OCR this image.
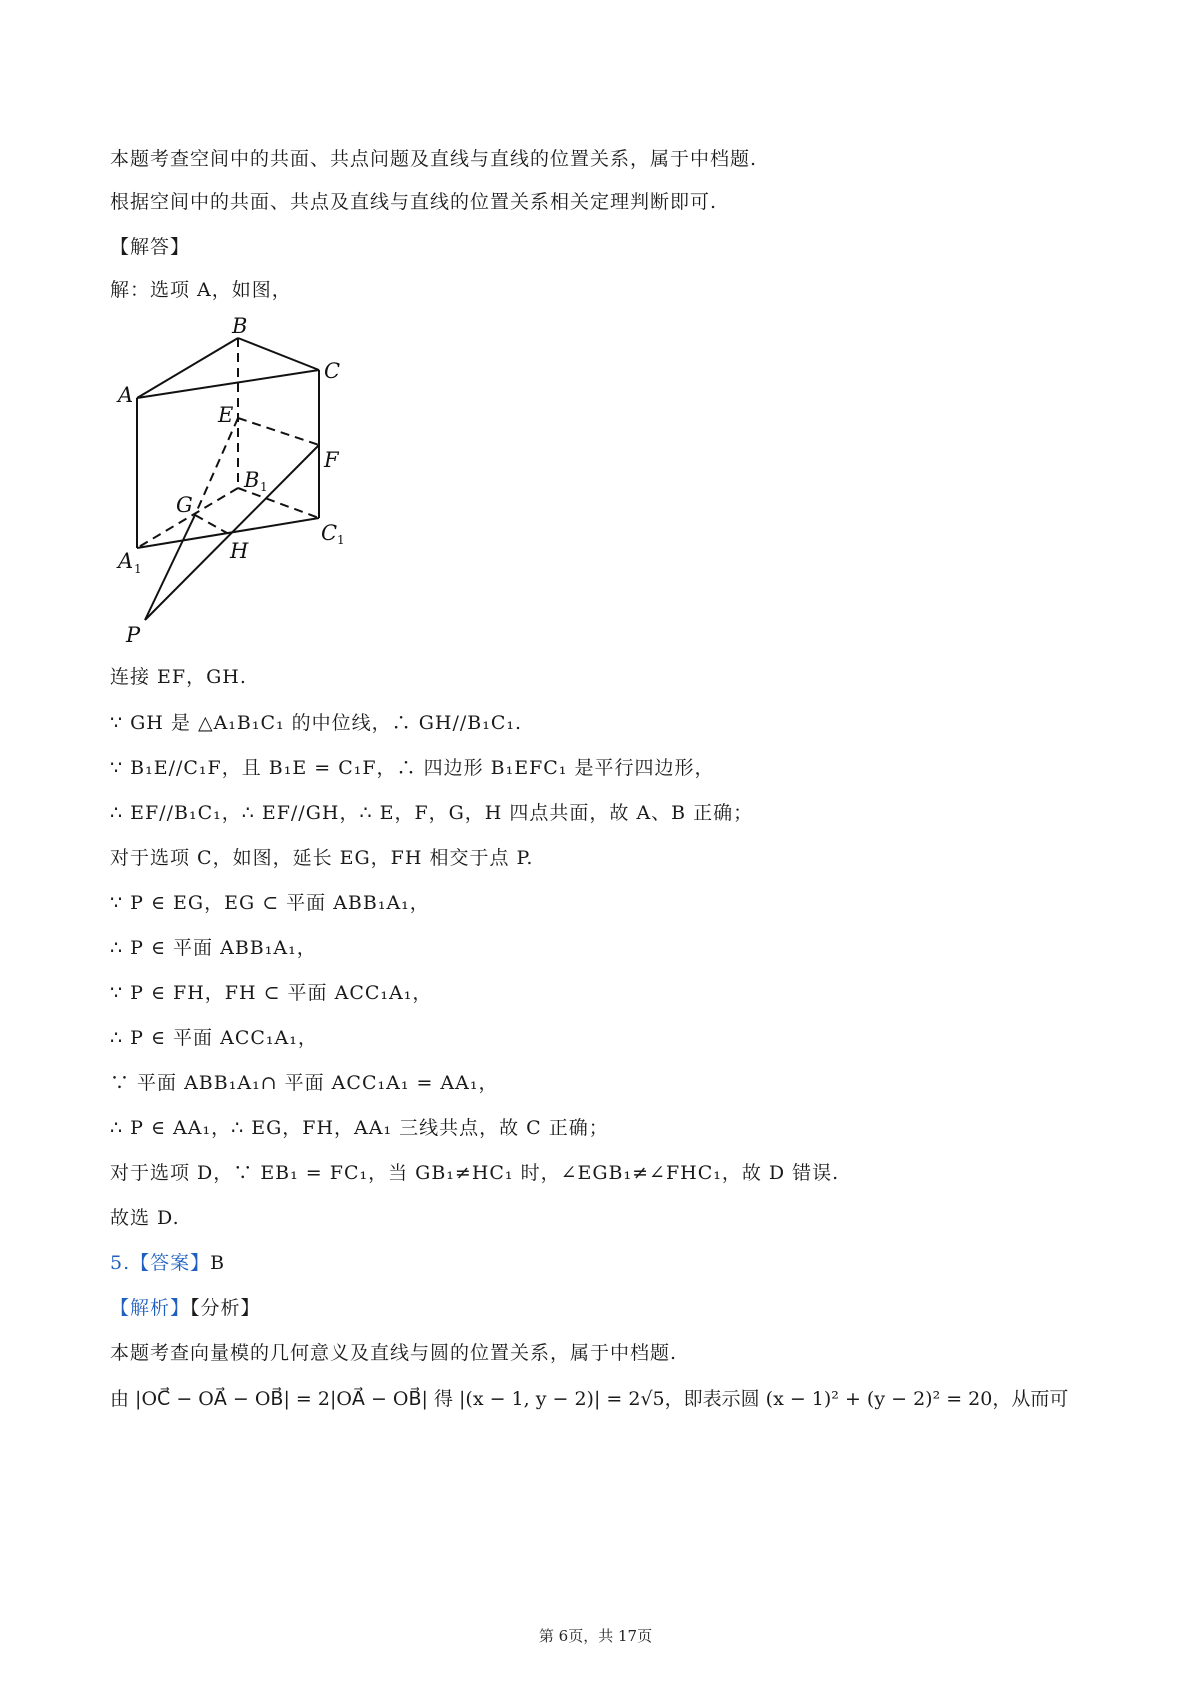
本题考查空间中的共面、共点问题及直线与直线的位置关系，属于中档题.
根据空间中的共面、共点及直线与直线的位置关系相关定理判断即可.
【解答】
解：选项 A，如图，
B
C
A
E
F
B 1
G
C 1
H
A 1
P
连接 EF，GH.
∵ GH 是 △A₁B₁C₁ 的中位线，∴ GH//B₁C₁.
∵ B₁E//C₁F，且 B₁E = C₁F，∴ 四边形 B₁EFC₁ 是平行四边形，
∴ EF//B₁C₁，∴ EF//GH，∴ E，F，G，H 四点共面，故 A、B 正确；
对于选项 C，如图，延长 EG，FH 相交于点 P.
∵ P ∈ EG，EG ⊂ 平面 ABB₁A₁，
∴ P ∈ 平面 ABB₁A₁，
∵ P ∈ FH，FH ⊂ 平面 ACC₁A₁，
∴ P ∈ 平面 ACC₁A₁，
∵ 平面 ABB₁A₁∩ 平面 ACC₁A₁ = AA₁，
∴ P ∈ AA₁，∴ EG，FH，AA₁ 三线共点，故 C 正确；
对于选项 D，∵ EB₁ = FC₁，当 GB₁≠HC₁ 时，∠EGB₁≠∠FHC₁，故 D 错误.
故选 D.
5.【答案】B
【解析】【分析】
本题考查向量模的几何意义及直线与圆的位置关系，属于中档题.
由 |OC⃗ − OA⃗ − OB⃗| = 2|OA⃗ − OB⃗| 得 |(x − 1, y − 2)| = 2√5，即表示圆 (x − 1)² + (y − 2)² = 20，从而可
第 6页，共 17页
